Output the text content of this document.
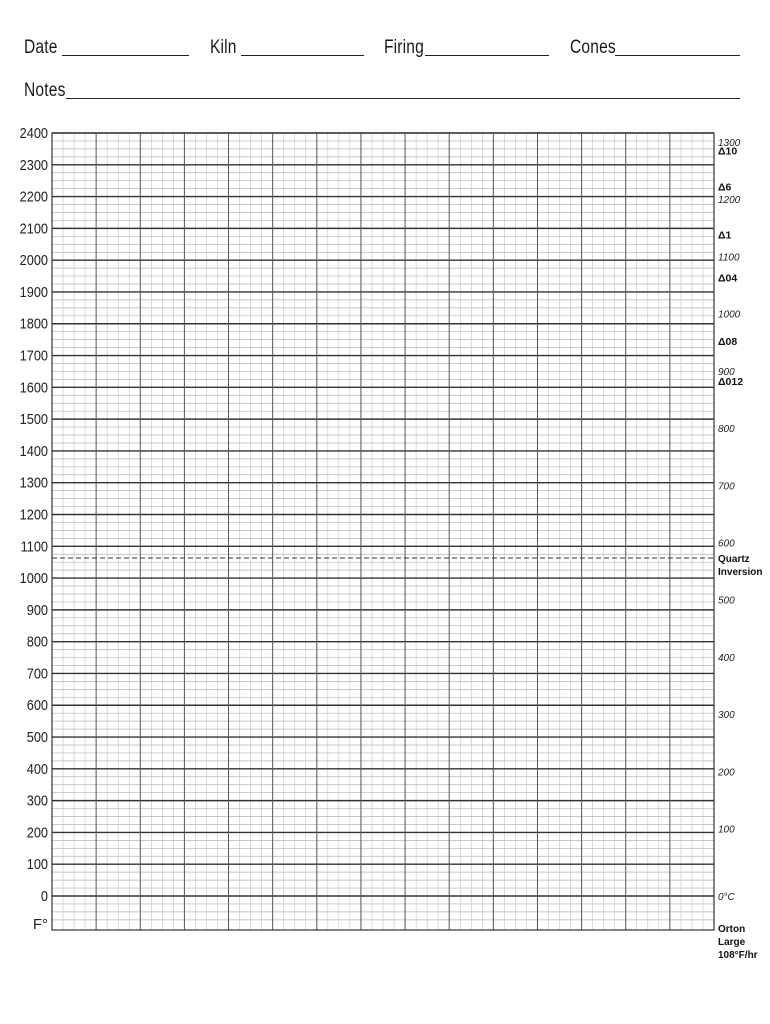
Date	Kiln	Firing	Cones
Notes
Quartz
Inversion
2400
2300
2200
2100
2000
1900
1800
1700
1600
1500
1400
1300
1200
1100
1000
900
800
700
600
500
400
300
200
100
0
F°
1300
1200
1100
1000
900
800
700
600
500
400
300
200
100
0°C
Δ10
Δ6
Δ1
Δ04
Δ08
Δ012
Orton
Large
108°F/hr
